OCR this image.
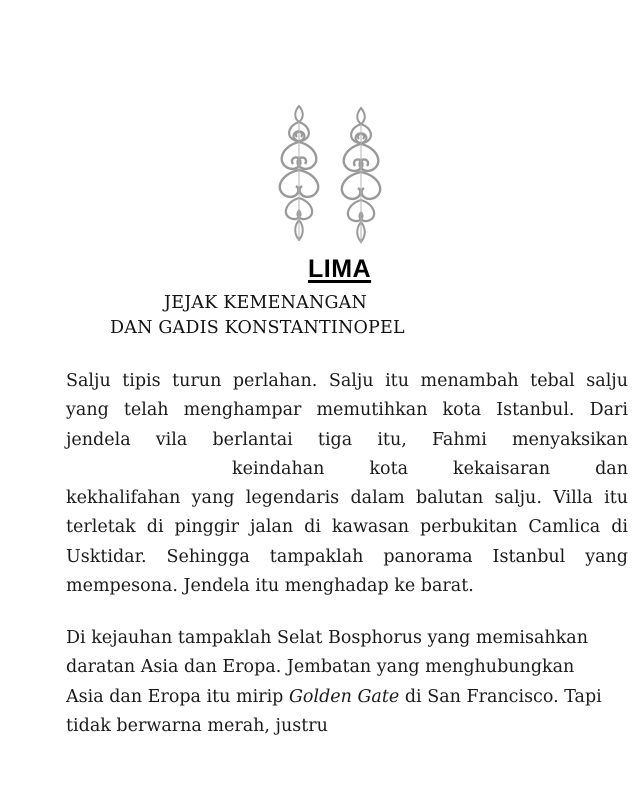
LIMA
JEJAK KEMENANGAN
DAN GADIS KONSTANTINOPEL
Salju tipis turun perlahan. Salju itu menambah tebal salju
yang telah menghampar memutihkan kota Istanbul. Dari
jendela vila berlantai tiga itu, Fahmi menyaksikan
keindahan kota kekaisaran dan
kekhalifahan yang legendaris dalam balutan salju. Villa itu
terletak di pinggir jalan di kawasan perbukitan Camlica di
Usktidar. Sehingga tampaklah panorama Istanbul yang
mempesona. Jendela itu menghadap ke barat.
Di kejauhan tampaklah Selat Bosphorus yang memisahkan
daratan Asia dan Eropa. Jembatan yang menghubungkan
Asia dan Eropa itu mirip Golden Gate di San Francisco. Tapi
tidak berwarna merah, justru
